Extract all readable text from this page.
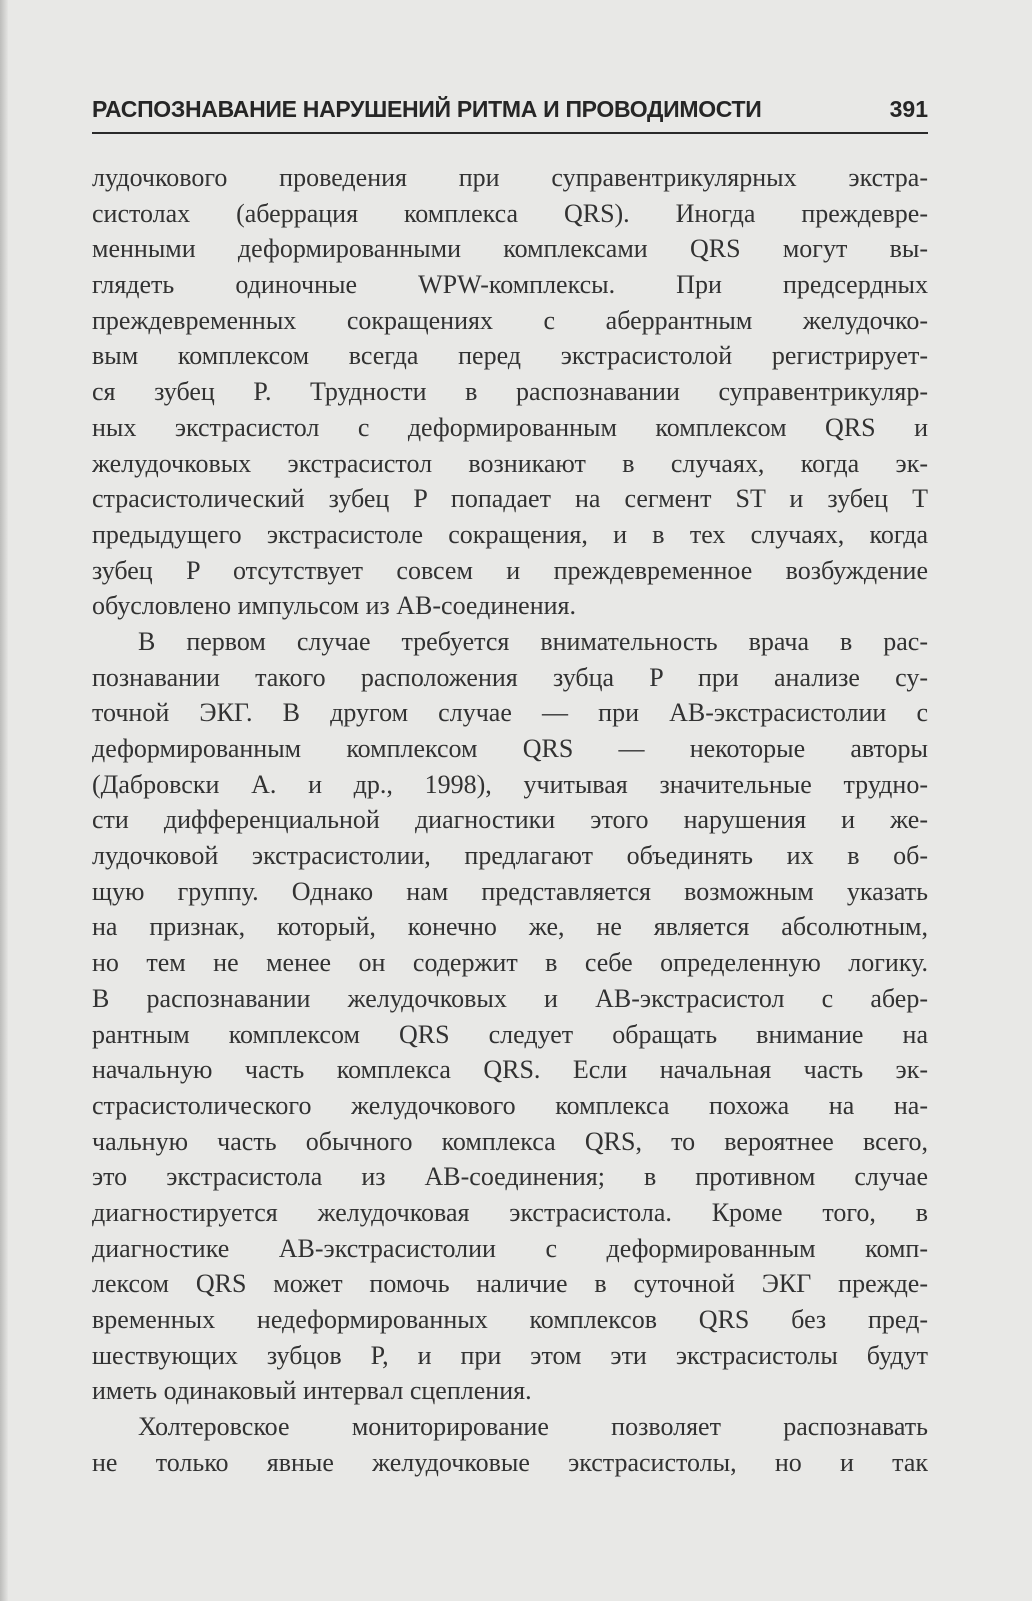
РАСПОЗНАВАНИЕ НАРУШЕНИЙ РИТМА И ПРОВОДИМОСТИ	391
лудочкового проведения при суправентрикулярных экстра-
систолах (аберрация комплекса QRS). Иногда преждевре-
менными деформированными комплексами QRS могут вы-
глядеть одиночные WPW-комплексы. При предсердных
преждевременных сокращениях с аберрантным желудочко-
вым комплексом всегда перед экстрасистолой регистрирует-
ся зубец P. Трудности в распознавании суправентрикуляр-
ных экстрасистол с деформированным комплексом QRS и
желудочковых экстрасистол возникают в случаях, когда эк-
страсистолический зубец P попадает на сегмент ST и зубец T
предыдущего экстрасистоле сокращения, и в тех случаях, когда
зубец P отсутствует совсем и преждевременное возбуждение
обусловлено импульсом из АВ-соединения.
В первом случае требуется внимательность врача в рас-
познавании такого расположения зубца P при анализе су-
точной ЭКГ. В другом случае — при АВ-экстрасистолии с
деформированным комплексом QRS — некоторые авторы
(Дабровски А. и др., 1998), учитывая значительные трудно-
сти дифференциальной диагностики этого нарушения и же-
лудочковой экстрасистолии, предлагают объединять их в об-
щую группу. Однако нам представляется возможным указать
на признак, который, конечно же, не является абсолютным,
но тем не менее он содержит в себе определенную логику.
В распознавании желудочковых и АВ-экстрасистол с абер-
рантным комплексом QRS следует обращать внимание на
начальную часть комплекса QRS. Если начальная часть эк-
страсистолического желудочкового комплекса похожа на на-
чальную часть обычного комплекса QRS, то вероятнее всего,
это экстрасистола из АВ-соединения; в противном случае
диагностируется желудочковая экстрасистола. Кроме того, в
диагностике АВ-экстрасистолии с деформированным комп-
лексом QRS может помочь наличие в суточной ЭКГ прежде-
временных недеформированных комплексов QRS без пред-
шествующих зубцов P, и при этом эти экстрасистолы будут
иметь одинаковый интервал сцепления.
Холтеровское мониторирование позволяет распознавать
не только явные желудочковые экстрасистолы, но и так
